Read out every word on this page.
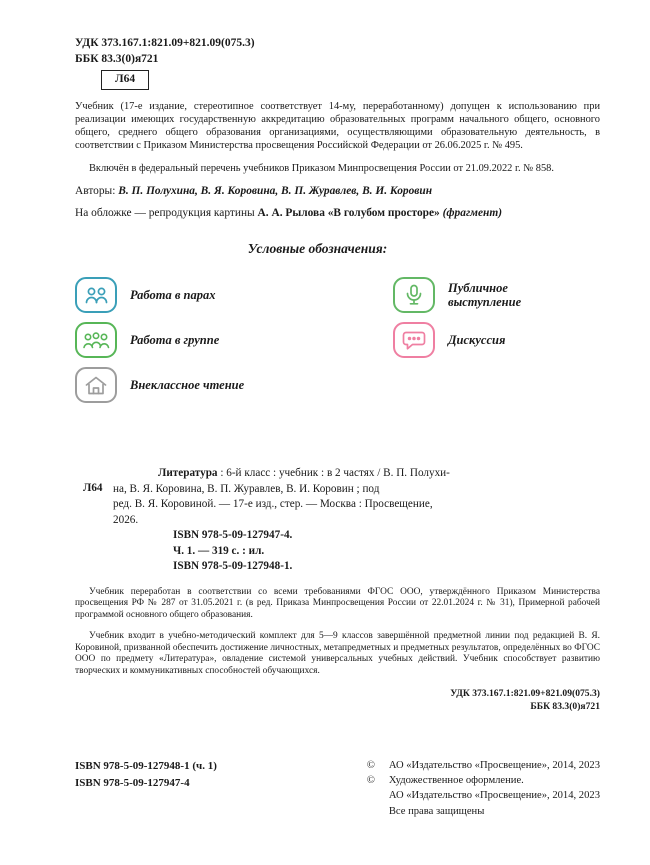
УДК 373.167.1:821.09+821.09(075.3)
ББК 83.3(0)я721
Л64

Учебник (17-е издание, стереотипное соответствует 14-му, переработанному) допущен к использованию при реализации имеющих государственную аккредитацию образовательных программ начального общего, основного общего, среднего общего образования организациями, осуществляющими образовательную деятельность, в соответствии с Приказом Министерства просвещения Российской Федерации от 26.06.2025 г. № 495.

Включён в федеральный перечень учебников Приказом Минпросвещения России от 21.09.2022 г. № 858.

Авторы: В. П. Полухина, В. Я. Коровина, В. П. Журавлев, В. И. Коровин
На обложке — репродукция картины А. А. Рылова «В голубом просторе» (фрагмент)
Условные обозначения:
Работа в парах
Работа в группе
Внеклассное чтение
Публичное выступление
Дискуссия
Л64
Литература : 6-й класс : учебник : в 2 частях / В. П. Полухи-
на, В. Я. Коровина, В. П. Журавлев, В. И. Коровин ; под
ред. В. Я. Коровиной. — 17-е изд., стер. — Москва : Просвещение,
2026.
ISBN 978-5-09-127947-4.
Ч. 1. — 319 с. : ил.
ISBN 978-5-09-127948-1.

Учебник переработан в соответствии со всеми требованиями ФГОС ООО, утверждённого Приказом Министерства просвещения РФ № 287 от 31.05.2021 г. (в ред. Приказа Минпросвещения России от 22.01.2024 г. № 31), Примерной рабочей программой основного общего образования.

Учебник входит в учебно-методический комплект для 5—9 классов завершённой предметной линии под редакцией В. Я. Коровиной, призванной обеспечить достижение личностных, метапредметных и предметных результатов, определённых во ФГОС ООО по предмету «Литература», овладение системой универсальных учебных действий. Учебник способствует развитию творческих и коммуникативных способностей обучающихся.

УДК 373.167.1:821.09+821.09(075.3)
ББК 83.3(0)я721
ISBN 978-5-09-127948-1 (ч. 1)
ISBN 978-5-09-127947-4
©	АО «Издательство «Просвещение», 2014, 2023
©	Художественное оформление.
АО «Издательство «Просвещение», 2014, 2023
Все права защищены
